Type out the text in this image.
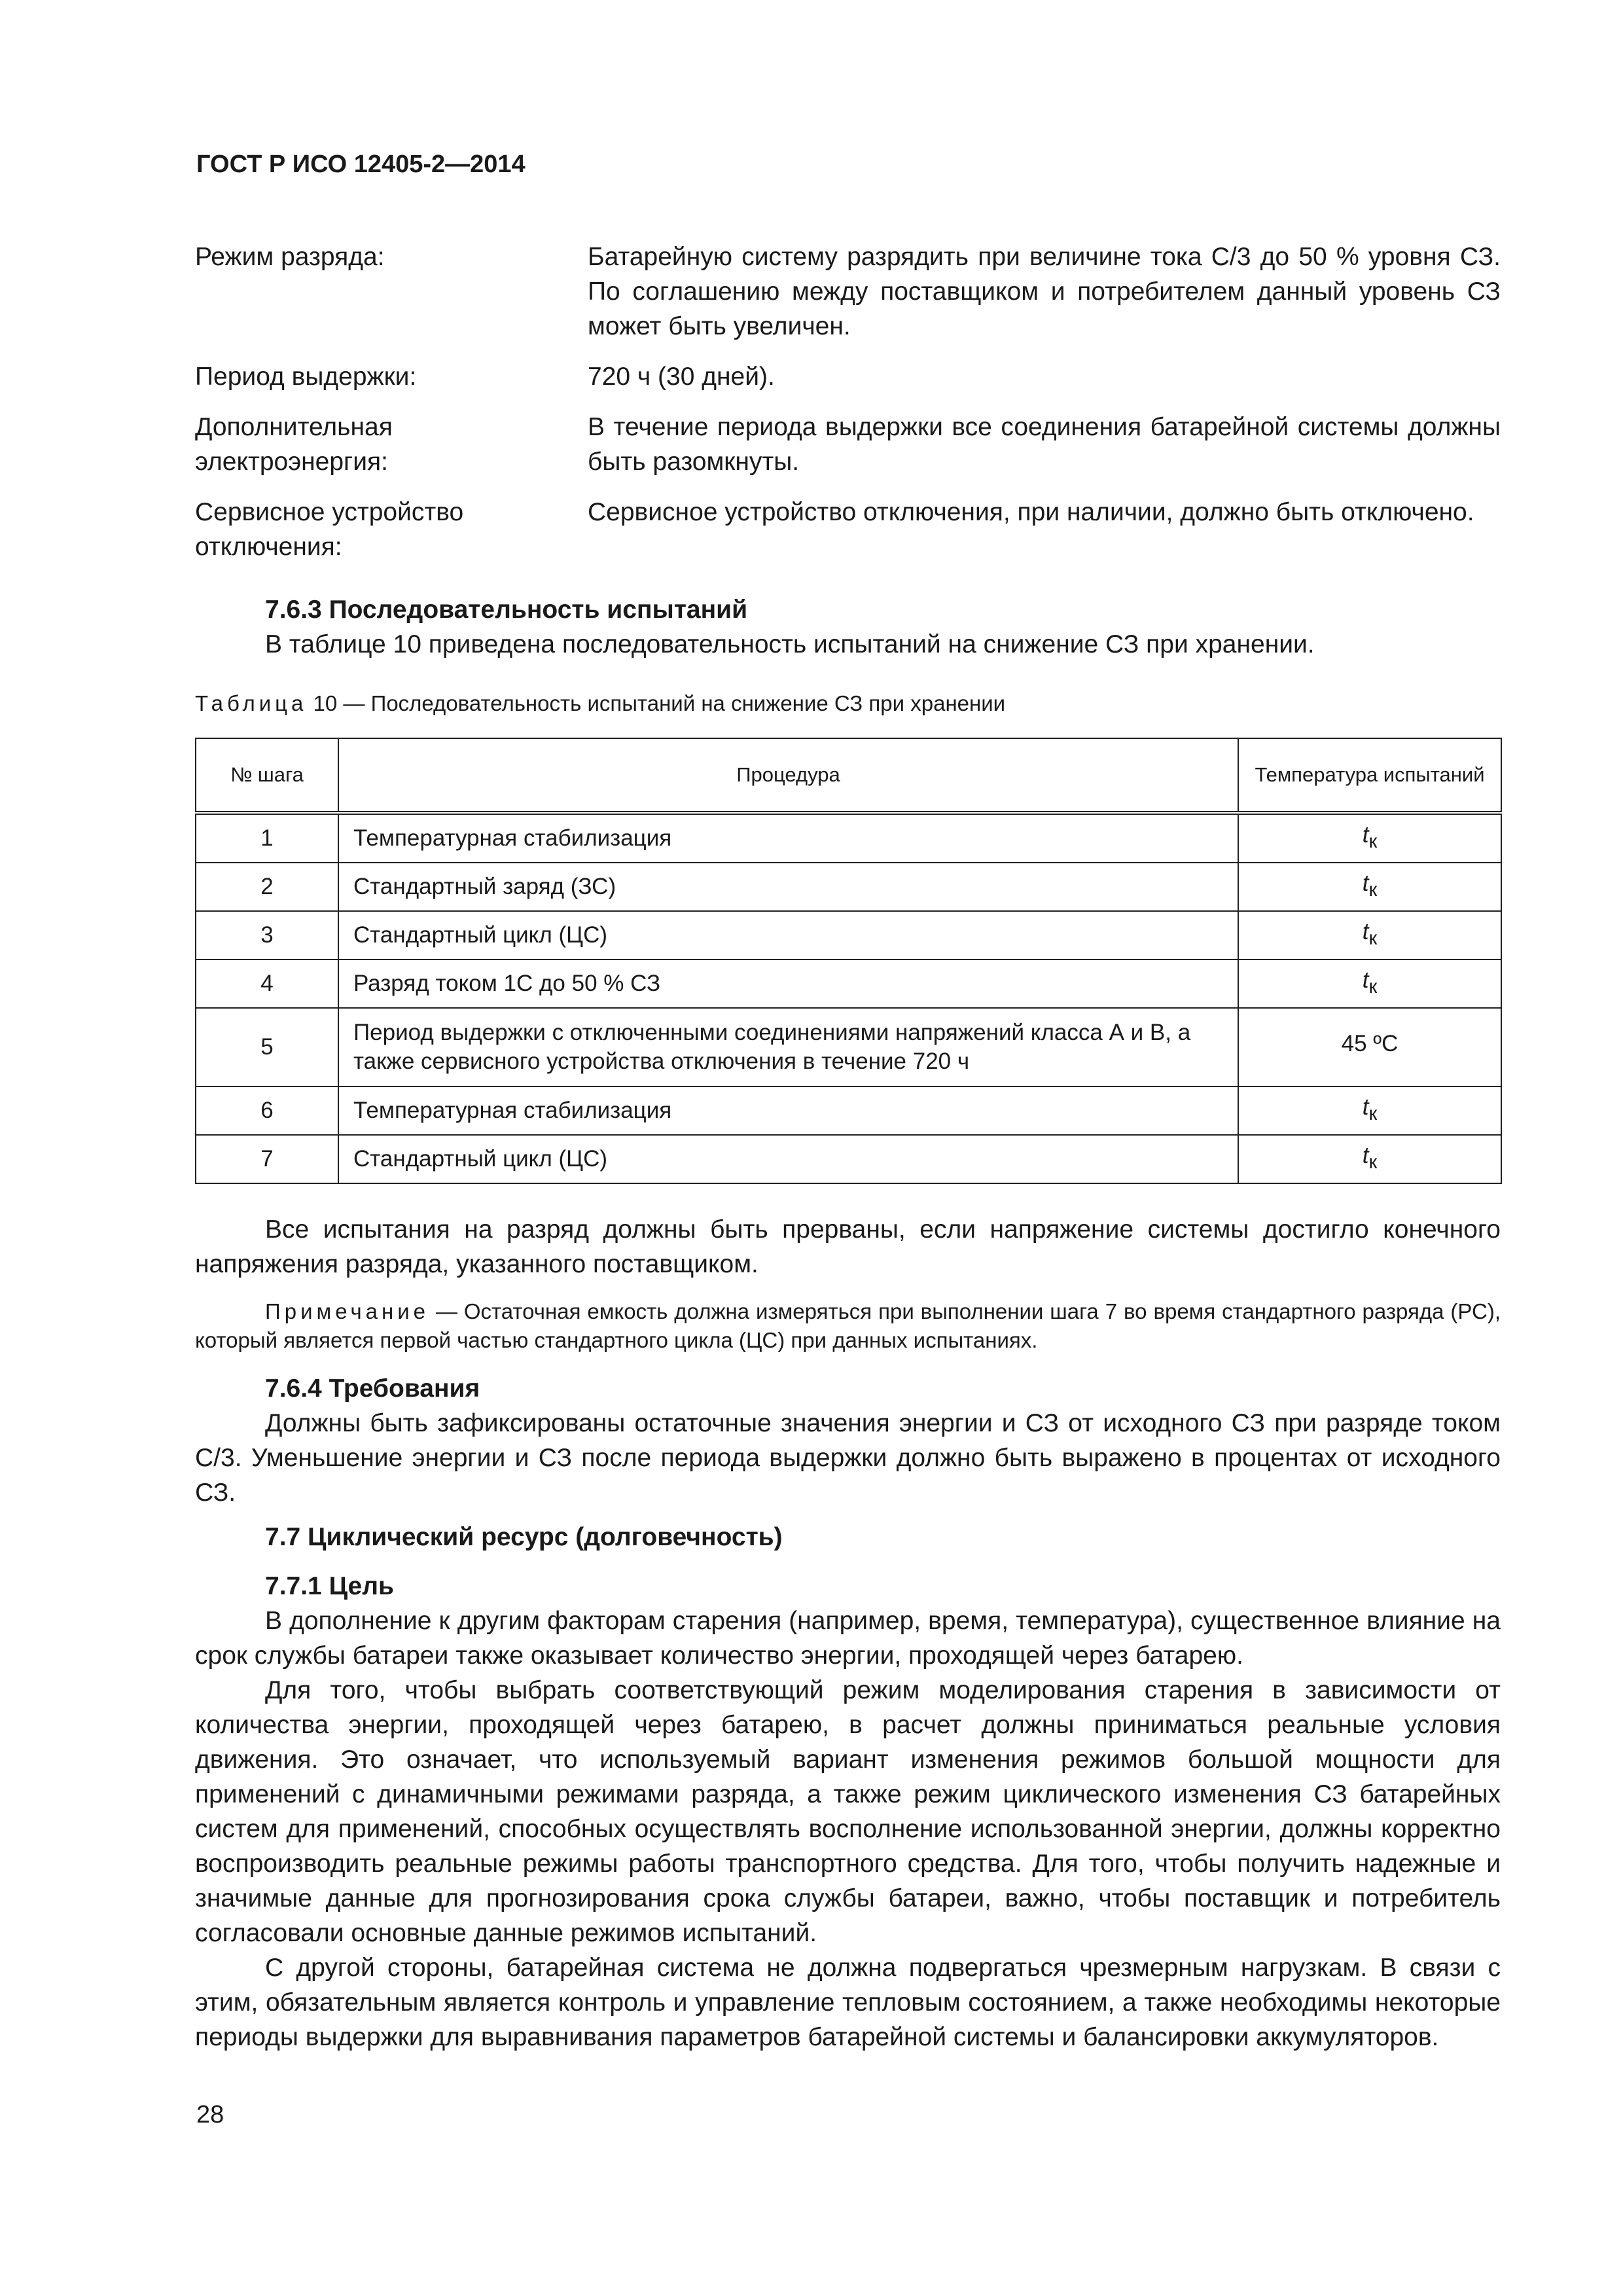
ГОСТ Р ИСО 12405-2—2014
Режим разряда:	Батарейную систему разрядить при величине тока С/3 до 50 % уровня СЗ. По соглашению между поставщиком и потребителем данный уровень СЗ может быть увеличен.
Период выдержки:	720 ч (30 дней).
Дополнительная электроэнергия:
В течение периода выдержки все соединения батарейной системы должны быть разомкнуты.
Сервисное устройство отключения:
Сервисное устройство отключения, при наличии, должно быть отключено.
7.6.3 Последовательность испытаний
В таблице 10 приведена последовательность испытаний на снижение СЗ при хранении.
Таблица 10 — Последовательность испытаний на снижение СЗ при хранении
№ шага	Процедура	Температура испытаний
1	Температурная стабилизация	$t_к$
2	Стандартный заряд (ЗС)	$t_к$
3	Стандартный цикл (ЦС)	$t_к$
4	Разряд током 1С до 50 % СЗ	$t_к$
5	Период выдержки с отключенными соединениями напряжений класса А и В, а также сервисного устройства отключения в течение 720 ч	45 ºС
6	Температурная стабилизация	$t_к$
7	Стандартный цикл (ЦС)	$t_к$
Все испытания на разряд должны быть прерваны, если напряжение системы достигло конечного напряжения разряда, указанного поставщиком.
Примечание — Остаточная емкость должна измеряться при выполнении шага 7 во время стандартного разряда (РС), который является первой частью стандартного цикла (ЦС) при данных испытаниях.
7.6.4 Требования
Должны быть зафиксированы остаточные значения энергии и СЗ от исходного СЗ при разряде током С/3. Уменьшение энергии и СЗ после периода выдержки должно быть выражено в процентах от исходного СЗ.
7.7 Циклический ресурс (долговечность)
7.7.1 Цель
В дополнение к другим факторам старения (например, время, температура), существенное влияние на срок службы батареи также оказывает количество энергии, проходящей через батарею.
Для того, чтобы выбрать соответствующий режим моделирования старения в зависимости от количества энергии, проходящей через батарею, в расчет должны приниматься реальные условия движения. Это означает, что используемый вариант изменения режимов большой мощности для применений с динамичными режимами разряда, а также режим циклического изменения СЗ батарейных систем для применений, способных осуществлять восполнение использованной энергии, должны корректно воспроизводить реальные режимы работы транспортного средства. Для того, чтобы получить надежные и значимые данные для прогнозирования срока службы батареи, важно, чтобы поставщик и потребитель согласовали основные данные режимов испытаний.
С другой стороны, батарейная система не должна подвергаться чрезмерным нагрузкам. В связи с этим, обязательным является контроль и управление тепловым состоянием, а также необходимы некоторые периоды выдержки для выравнивания параметров батарейной системы и балансировки аккумуляторов.
28
